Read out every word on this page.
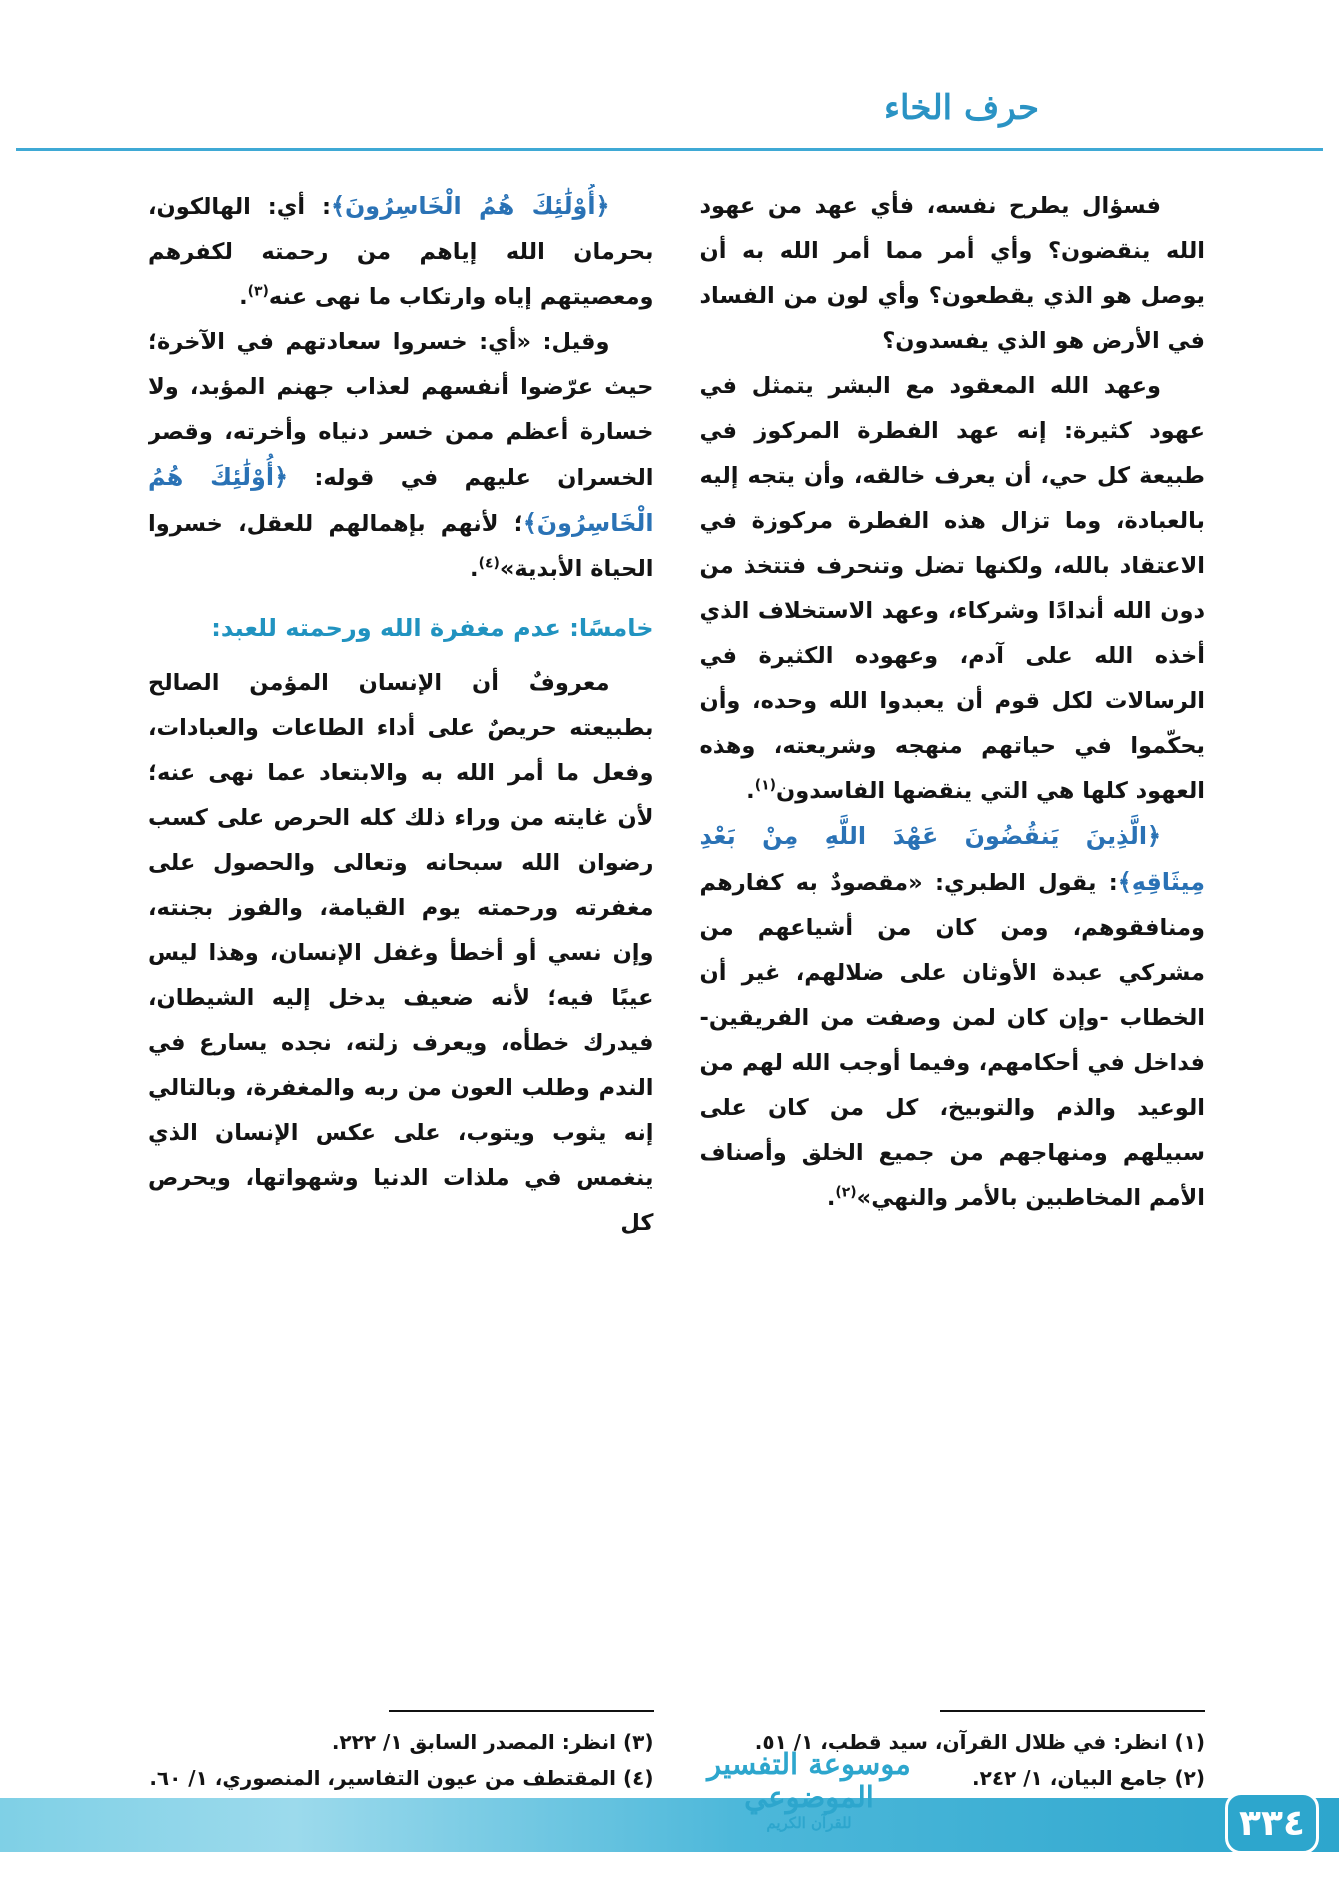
حرف الخاء

فسؤال يطرح نفسه، فأي عهد من عهود الله ينقضون؟ وأي أمر مما أمر الله به أن يوصل هو الذي يقطعون؟ وأي لون من الفساد في الأرض هو الذي يفسدون؟

وعهد الله المعقود مع البشر يتمثل في عهود كثيرة: إنه عهد الفطرة المركوز في طبيعة كل حي، أن يعرف خالقه، وأن يتجه إليه بالعبادة، وما تزال هذه الفطرة مركوزة في الاعتقاد بالله، ولكنها تضل وتنحرف فتتخذ من دون الله أندادًا وشركاء، وعهد الاستخلاف الذي أخذه الله على آدم، وعهوده الكثيرة في الرسالات لكل قوم أن يعبدوا الله وحده، وأن يحكّموا في حياتهم منهجه وشريعته، وهذه العهود كلها هي التي ينقضها الفاسدون$^{(١)}$.

﴿الَّذِينَ يَنقُضُونَ عَهْدَ اللَّهِ مِنْ بَعْدِ مِيثَاقِهِ﴾: يقول الطبري: «مقصودٌ به كفارهم ومنافقوهم، ومن كان من أشياعهم من مشركي عبدة الأوثان على ضلالهم، غير أن الخطاب -وإن كان لمن وصفت من الفريقين- فداخل في أحكامهم، وفيما أوجب الله لهم من الوعيد والذم والتوبيخ، كل من كان على سبيلهم ومنهاجهم من جميع الخلق وأصناف الأمم المخاطبين بالأمر والنهي»$^{(٢)}$.

(١) انظر: في ظلال القرآن، سيد قطب، ١/ ٥١.

(٢) جامع البيان، ١/ ٢٤٢.

﴿أُوْلَٰئِكَ هُمُ الْخَاسِرُونَ﴾: أي: الهالكون، بحرمان الله إياهم من رحمته لكفرهم ومعصيتهم إياه وارتكاب ما نهى عنه$^{(٣)}$.

وقيل: «أي: خسروا سعادتهم في الآخرة؛ حيث عرّضوا أنفسهم لعذاب جهنم المؤبد، ولا خسارة أعظم ممن خسر دنياه وأخرته، وقصر الخسران عليهم في قوله: ﴿أُوْلَٰئِكَ هُمُ الْخَاسِرُونَ﴾؛ لأنهم بإهمالهم للعقل، خسروا الحياة الأبدية»$^{(٤)}$.

خامسًا: عدم مغفرة الله ورحمته للعبد:

معروفٌ أن الإنسان المؤمن الصالح بطبيعته حريصٌ على أداء الطاعات والعبادات، وفعل ما أمر الله به والابتعاد عما نهى عنه؛ لأن غايته من وراء ذلك كله الحرص على كسب رضوان الله سبحانه وتعالى والحصول على مغفرته ورحمته يوم القيامة، والفوز بجنته، وإن نسي أو أخطأ وغفل الإنسان، وهذا ليس عيبًا فيه؛ لأنه ضعيف يدخل إليه الشيطان، فيدرك خطأه، ويعرف زلته، نجده يسارع في الندم وطلب العون من ربه والمغفرة، وبالتالي إنه يثوب ويتوب، على عكس الإنسان الذي ينغمس في ملذات الدنيا وشهواتها، ويحرص كل

(٣) انظر: المصدر السابق ١/ ٢٢٢.

(٤) المقتطف من عيون التفاسير، المنصوري، ١/ ٦٠.	موسوعة التفسير الموضوعي
للقرآن الكريم	٣٣٤
